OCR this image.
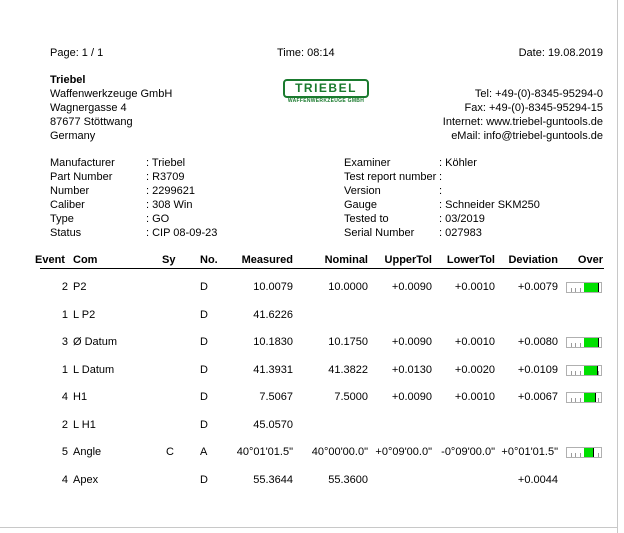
Page: 1 / 1	Time: 08:14	Date: 19.08.2019
Triebel
Waffenwerkzeuge GmbH
Wagnergasse 4
87677 Stöttwang
Germany
TRIEBEL
WAFFENWERKZEUGE GMBH
Tel: +49-(0)-8345-95294-0
Fax: +49-(0)-8345-95294-15
Internet: www.triebel-guntools.de
eMail: info@triebel-guntools.de
Manufacturer	: Triebel
Part Number	: R3709
Number	: 2299621
Caliber	: 308 Win
Type	: GO
Status	: CIP 08-09-23
Examiner	: Köhler
Test report number :
Version	:
Gauge	: Schneider SKM250
Tested to	: 03/2019
Serial Number : 027983
Event Com	Sy No.	Measured	Nominal	UpperTol	LowerTol	Deviation	Over
2 P2	D	10.0079	10.0000	+0.0090	+0.0010	+0.0079
1 L P2	D	41.6226
3 Ø Datum	D	10.1830	10.1750	+0.0090	+0.0010	+0.0080
1 L Datum	D	41.3931	41.3822	+0.0130	+0.0020	+0.0109
4 H1	D	7.5067	7.5000	+0.0090	+0.0010	+0.0067
2 L H1	D	45.0570
5 Angle	C	A	40°01'01.5"	40°00'00.0" +0°09'00.0" -0°09'00.0" +0°01'01.5"
4 Apex	D	55.3644	55.3600	+0.0044
